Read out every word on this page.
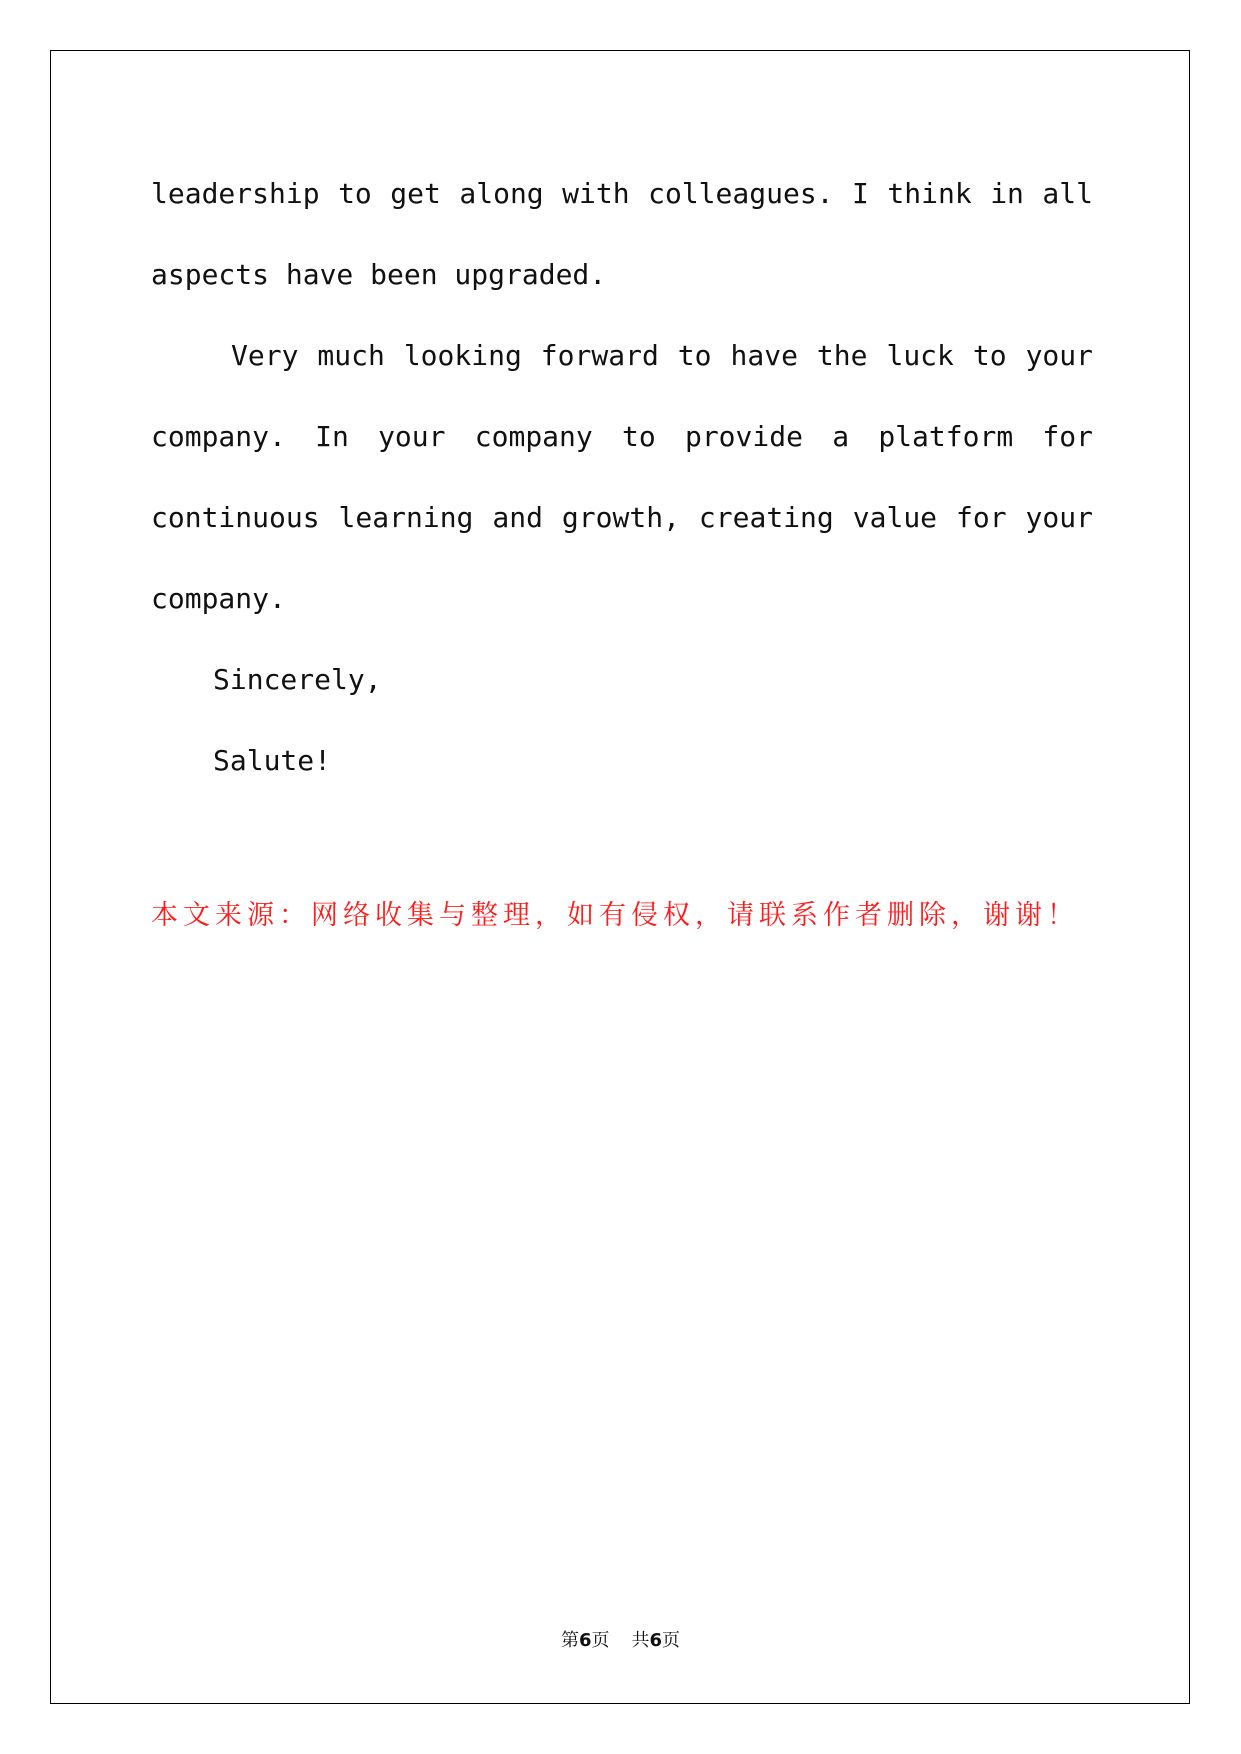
leadership to get along with colleagues. I think in all
aspects have been upgraded.
Very much looking forward to have the luck to your
company. In your company to provide a platform for
continuous learning and growth, creating value for your
company.
Sincerely,
Salute!
本文来源：网络收集与整理，如有侵权，请联系作者删除，谢谢！
第6页 共6页
